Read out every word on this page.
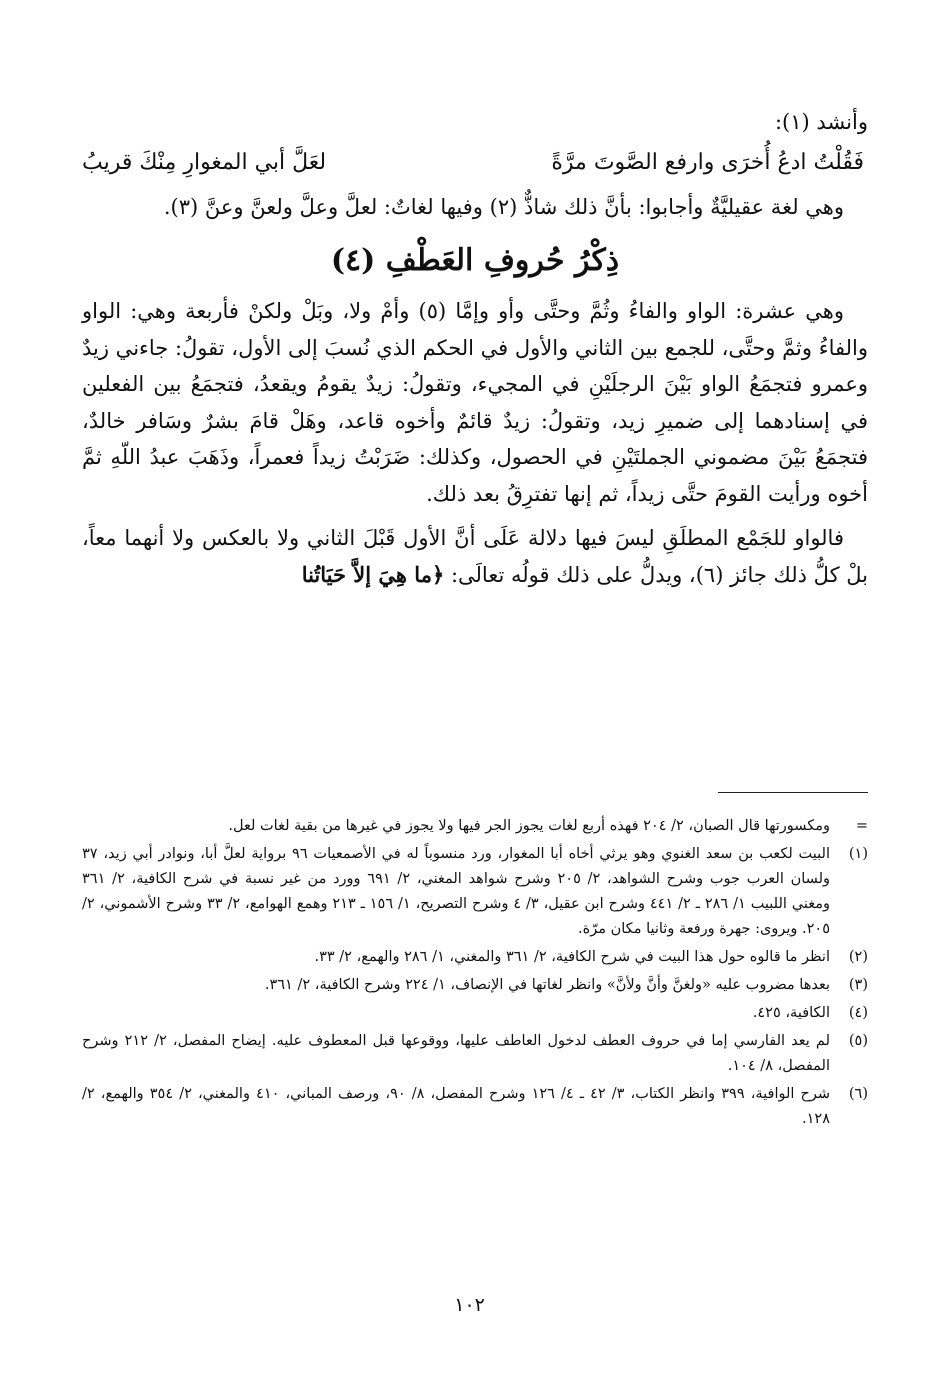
وأنشد (١):

فَقُلْتُ ادعُ أُخرَى وارفع الصَّوتَ مرَّةً
لعَلَّ أبي المغوارِ مِنْكَ قريبُ

وهي لغة عقيليَّةٌ وأجابوا: بأنَّ ذلك شاذٌّ (٢) وفيها لغاتٌ: لعلَّ وعلَّ ولعنَّ وعنَّ (٣).

ذِكْرُ حُروفِ العَطْفِ (٤)

وهي عشرة: الواو والفاءُ وثُمَّ وحتَّى وأو وإمَّا (٥) وأمْ ولا، وبَلْ ولكنْ فأربعة وهي: الواو والفاءُ وثمَّ وحتَّى، للجمع بين الثاني والأول في الحكم الذي نُسبَ إلى الأول، تقولُ: جاءني زيدٌ وعمرو فتجمَعُ الواو بَيْنَ الرجلَيْنِ في المجيء، وتقولُ: زيدٌ يقومُ ويقعدُ، فتجمَعُ بين الفعلين في إسنادهما إلى ضميرِ زيد، وتقولُ: زيدٌ قائمٌ وأخوه قاعد، وهَلْ قامَ بشرٌ وسَافر خالدٌ، فتجمَعُ بَيْنَ مضموني الجملتَيْنِ في الحصول، وكذلك: ضَرَبْتُ زيداً فعمراً، وذَهَبَ عبدُ اللّهِ ثمَّ أخوه ورأيت القومَ حتَّى زيداً، ثم إنها تفترِقُ بعد ذلك.

فالواو للجَمْع المطلَقِ ليسَ فيها دلالة عَلَى أنَّ الأول قَبْلَ الثاني ولا بالعكس ولا أنهما معاً، بلْ كلُّ ذلك جائز (٦)، ويدلُّ على ذلك قولُه تعالَى: ﴿ما هِيَ إلاَّ حَيَاتُنا

=
ومكسورتها قال الصبان، ٢/ ٢٠٤ فهذه أربع لغات يجوز الجر فيها ولا يجوز في غيرها من بقية لغات لعل.
(١)
البيت لكعب بن سعد الغنوي وهو يرثي أخاه أبا المغوار، ورد منسوباً له في الأصمعيات ٩٦ برواية لعلَّ أبا، ونوادر أبي زيد، ٣٧ ولسان العرب جوب وشرح الشواهد، ٢/ ٢٠٥ وشرح شواهد المغني، ٢/ ٦٩١ وورد من غير نسبة في شرح الكافية، ٢/ ٣٦١ ومغني اللبيب ١/ ٢٨٦ ـ ٢/ ٤٤١ وشرح ابن عقيل، ٣/ ٤ وشرح التصريح، ١/ ١٥٦ ـ ٢١٣ وهمع الهوامع، ٢/ ٣٣ وشرح الأشموني، ٢/ ٢٠٥. ويروى: جهرة ورفعة وثانيا مكان مرّة.
(٢)
انظر ما قالوه حول هذا البيت في شرح الكافية، ٢/ ٣٦١ والمغني، ١/ ٢٨٦ والهمع، ٢/ ٣٣.
(٣)
بعدها مضروب عليه «ولغنَّ وأنَّ ولأنَّ» وانظر لغاتها في الإنصاف، ١/ ٢٢٤ وشرح الكافية، ٢/ ٣٦١.
(٤)
الكافية، ٤٢٥.
(٥)
لم يعد الفارسي إما في حروف العطف لدخول العاطف عليها، ووقوعها قبل المعطوف عليه. إيضاح المفصل، ٢/ ٢١٢ وشرح المفصل، ٨/ ١٠٤.
(٦)
شرح الوافية، ٣٩٩ وانظر الكتاب، ٣/ ٤٢ ـ ٤/ ١٢٦ وشرح المفصل، ٨/ ٩٠، ورصف المباني، ٤١٠ والمغني، ٢/ ٣٥٤ والهمع، ٢/ ١٢٨.
١٠٢
